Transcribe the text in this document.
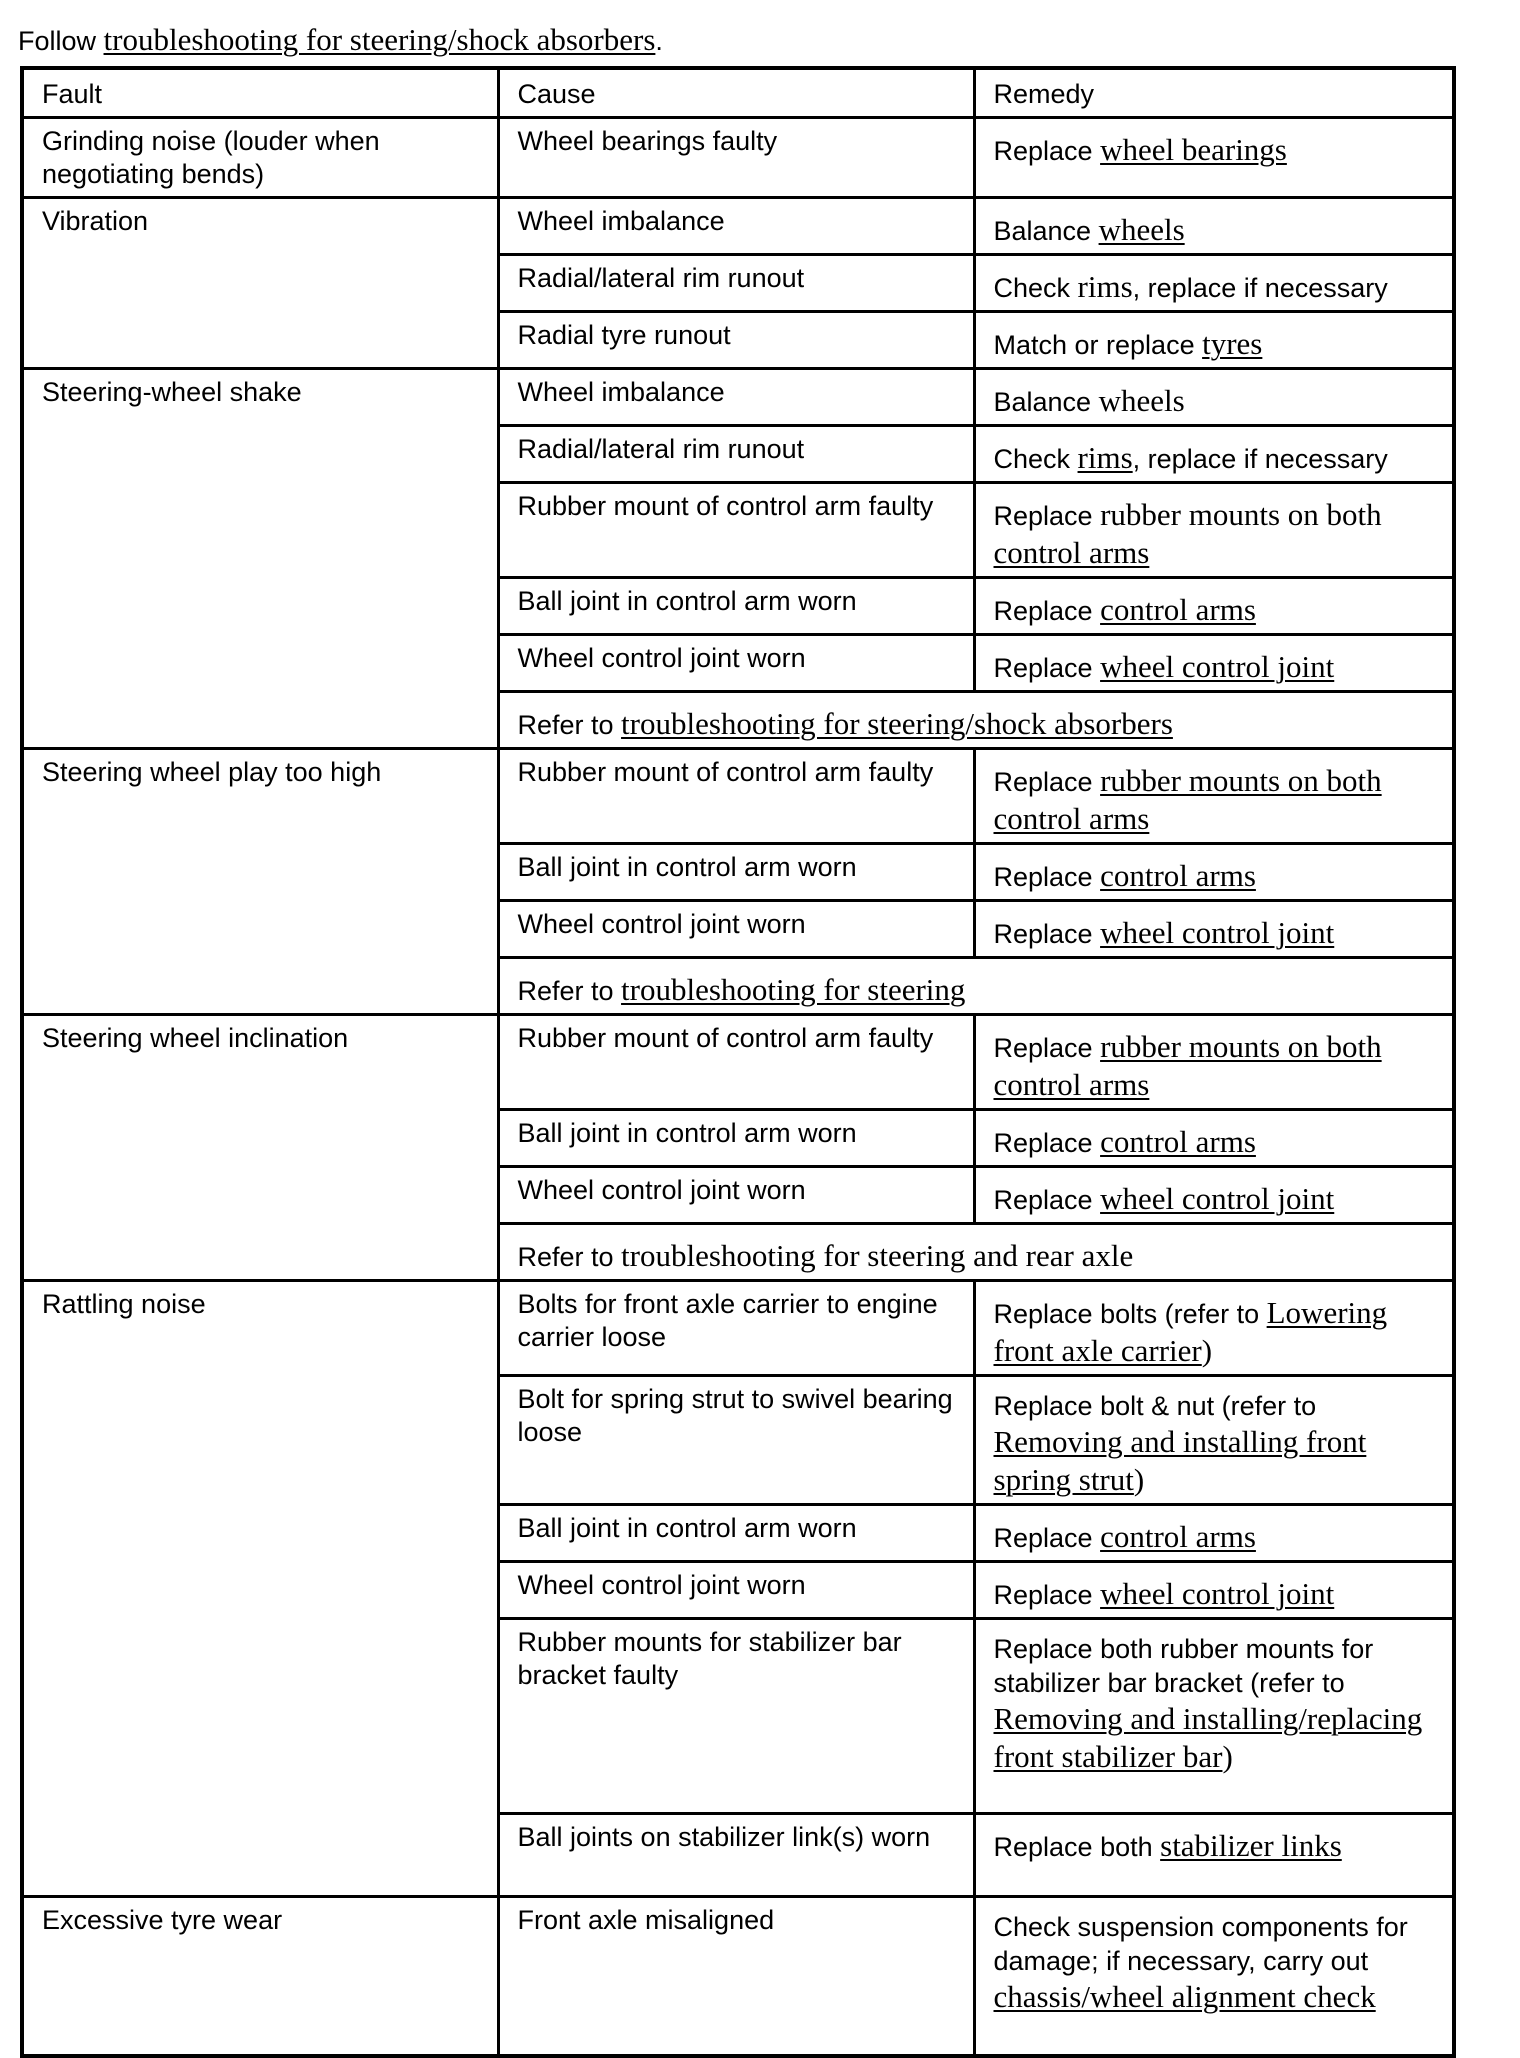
Follow troubleshooting for steering/shock absorbers.
Fault	Cause	Remedy
Grinding noise (louder when negotiating bends)	Wheel bearings faulty	Replace wheel bearings
Vibration	Wheel imbalance	Balance wheels
	Radial/lateral rim runout	Check rims, replace if necessary
	Radial tyre runout	Match or replace tyres
Steering-wheel shake	Wheel imbalance	Balance wheels
	Radial/lateral rim runout	Check rims, replace if necessary
	Rubber mount of control arm faulty	Replace rubber mounts on both control arms
	Ball joint in control arm worn	Replace control arms
	Wheel control joint worn	Replace wheel control joint
	Refer to troubleshooting for steering/shock absorbers	
Steering wheel play too high	Rubber mount of control arm faulty	Replace rubber mounts on both control arms
	Ball joint in control arm worn	Replace control arms
	Wheel control joint worn	Replace wheel control joint
	Refer to troubleshooting for steering	
Steering wheel inclination	Rubber mount of control arm faulty	Replace rubber mounts on both control arms
	Ball joint in control arm worn	Replace control arms
	Wheel control joint worn	Replace wheel control joint
	Refer to troubleshooting for steering and rear axle	
Rattling noise	Bolts for front axle carrier to engine carrier loose	Replace bolts (refer to Lowering front axle carrier)
	Bolt for spring strut to swivel bearing loose	Replace bolt & nut (refer to Removing and installing front spring strut)
	Ball joint in control arm worn	Replace control arms
	Wheel control joint worn	Replace wheel control joint
	Rubber mounts for stabilizer bar bracket faulty	Replace both rubber mounts for stabilizer bar bracket (refer to Removing and installing/replacing front stabilizer bar)
	Ball joints on stabilizer link(s) worn	Replace both stabilizer links
Excessive tyre wear	Front axle misaligned	Check suspension components for damage; if necessary, carry out chassis/wheel alignment check
